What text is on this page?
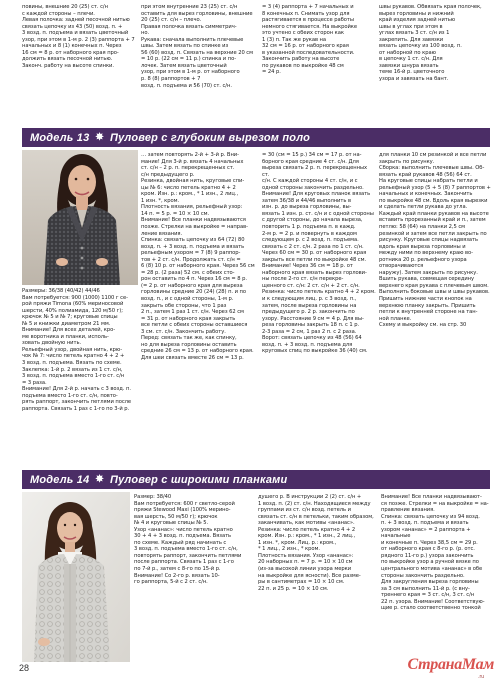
повины, внешние 20 (25) ст. с/н
с каждой стороны – плечи.
Левая полочка: задней песочной нитью
связать цепочку из 43 (50) возд. п. +
3 возд. п. подъема и вязать цветочный
узор, при этом в 1-м р. 2 (3) раппорта + 7
начальных и 8 (1) конечных п. Через
16 см = 8 р. от наборного края про-
должить вязать песочной нитью.
Законч. работу на высоте спинки.
при этом внутренние 23 (25) ст. с/н
оставить для вырез горловины, внешние
20 (25) ст. с/н – плечо.
Правая полочка вязать симметрич-
но.
Рукава: сначала выполнить плечевые
швы. Затем вязать по спинке из
56 (60) возд. п. Связать на верхние 20 см
= 10 р. (22 см = 11 р.) спинка и по-
лочек. Затем вязать цветочный
узор, при этом в 1-м р. от наборного
р. 8 (8) раппортов + 7
возд. п. подъема и 56 (70) ст. с/н.
= 3 (4) раппорта + 7 начальных и
8 конечных п. Снимать узор для
растягивается в процессе работы
немного стягивается. На выкройке
это учтено с обеих сторон как
1 (3) п. Так же рукав на
32 см = 16 р. от наборного края
в указанной последовательности.
Закончить работу на высоте
по рукавов по выкройке 48 см
= 24 р.
швы рукавов. Обвязать края полочек,
вырез горловины и нижний
край изделия задней нитью
швы в углах при этом в
углах вязать 3 ст. с/н из 1
закрепить. Для завязки
вязать цепочку из 100 возд. п.
от наборной по краю
в цепочку 1 ст. с/н. Для
завязки шнура вязать
теме 16-й р. цветочного
узора и завязать на бант.
Модель 13 ✸ Пуловер с глубоким вырезом поло
Размеры: 36/38 (40/42) 44/46
Вам потребуется: 900 (1000) 1100 г се-
рой пряжи Timona (60% мериносовой
шерсти, 40% полиамида, 120 м/50 г);
крючок № 5 и № 7; круговые спицы
№ 5 и книжки диаметром 21 мм.
Внимание! Для всех деталей, кро-
ме воротника и планки, исполь-
зовать двойную нить.
Рельефный узор, двойная нить, крю-
чок № 7: число петель кратно 4 + 2 +
3 возд. п. подъема. Вязать по схеме.
Заклепка: 1-й р. 2 вязать из 1 ст. с/н,
3 возд. п. подъема вместо 1-го ст. с/н
= 3 раза.
Внимание! Для 2-й р. начать с 3 возд. п.
подъема вместо 1-го ст. с/н, повто-
рять раппорт, закончить петлями после
раппорта. Связать 1 раз с 1-го по 3-й р.
… затем повторять 2-й + 3-й р. Вни-
мание! Для 3-й р. вязать 4 начальных
ст. с/н – 2 р. п. перекрещенных ст.
с/н предыдущего р.
Резинка, двойная нить, круговые спи-
цы № 6: число петель кратно 4 + 2
кром. Изн. р.: кром., * 1 изн., 2 лиц.,
1 изн. *, кром.
Плотность вязания, рельефный узор:
14 п. = 5 р. = 10 × 10 см.
Внимание! Все планки надвязываются
позже. Стрелки на выкройке = направ-
ление вязания.
Спинка: связать цепочку из 64 (72) 80
возд. п. + 3 возд. п. подъема и вязать
рельефным узором = 7 (8) 9 раппор-
тов + 2 ст. с/н. Продолжать ст. с/н =
6 (8) 10 р. от наборного края. Через 56 см
= 28 р. (2 раза) 52 см. с обеих сто-
рон оставить по 4 п. Через 16 см = 8 р.
(= 2 р. от наборного края для выреза
горловины средние 20 (24) (28) п. и по
возд. п., и с одной стороны, 1-м р.
закрыть обе стороны, что 1 раз
2 п., затем 1 раз 1 ст. с/н. Через 62 см
= 31 р. от наборного края закрыть
все петли с обеих стороны оставшиеся
3 см. ст. с/н. Закончить работу.
Перед: связать так же, как спинку,
но для выреза горловины оставить
средние 26 см = 13 р. от наборного края.
Для шеи связать вместе 26 см = 13 р.
= 30 (см = 15 р.) 34 см = 17 р. от на-
борного края средние 4 ст. с/н. Для
выреза связать 2 р. п. перекрещенных ст.
с/н. С каждой стороны 4 ст. с/н, и с
одной стороны закончить раздельно.
Внимание! Для круговых планок вязать
затем 36/38 и 44/46 выполнить в
изн. р. до выреза горловины, вы-
вязать 1 изн. р. ст. с/н и с одной стороны
с другой стороны, до начала выреза,
повторить 1 р. подъема п. в кажд.
2-м р. = 2 р. и повернуть в каждом
следующем р. с 2 возд. п. подъема.
связать с 2 ст. с/н. 2 раза по 1 ст. с/н.
Через 60 см = 30 р. от наборного края
закрыть все петли по выкройке 48 см.
Внимание! Через 36 см = 18 р. от
наборного края вязать вырез горлови-
ны после 2-го ст. с/н перекре-
щенного ст. с/н: 2 ст. с/н + 2 ст. с/н.
Резинка: число петель кратно 4 + 2 кром.
и к следующим лиц. р. с 3 возд. п.,
затем, после выреза горловины на
предыдущего р. 2 р. закончить по
узору. Расстояние 9 см = 4 р. Для вы-
реза горловины закрыть 18 п. с 1 р.
2-3 раза = 2 см, 1 раз 2 п. с 2 раза.
Ворот: связать цепочку из 48 (56) 64
возд. п. + 3 возд. п. подъема для
круговых спиц по выкройке 36 (40) см.
для планки 10 см резинкой и все петли
закрыть по рисунку.
Сборка: выполнить плечевые швы. Об-
вязать край рукавов 48 (56) 64 ст.
На круговые спицы набрать петли и
рельефный узор (5 + 5 (8) 7 раппортов +
начальных и конечных. Закончить
по выкройке 48 см. Вдоль края вырезки
и сделать петли рукава до угла.
Каждый край планки рукавов на высоте
вставить прорезанный край и п., затем
петлю: 58 (64) на планки 2,5 см
резинкой и затем все петли закрыть по
рисунку. Круговые спицы надвязать
вдоль края выреза горловины и
между ними по верхнему краю во-
ротника 20 р. рельефного узора отворачиваются
наружу). Затем закрыть по рисунку.
Вшить рукава, совмещая середину
верхнего края рукава с плечевым швом.
Выполнить боковые швы и швы рукавов.
Пришить нижние части кнопок на
верхнюю планку закрыть. Пришить
петли к внутренней стороне на тан-
ной планке.
Схему и выкройку см. на стр. 30
Модель 14 ✸ Пуловер с широкими планками
Размер: 38/40
Вам потребуется: 600 г светло-серой
пряжи Stewood Maxi (100% мерино-
вая шерсть, 50 м/50 г); крючок
№ 4 и круговые спицы № 5.
Узор «ананас»: число петель кратно
30 + 4 + 3 возд. п. подъема. Вязать
по схеме. Каждый ряд начинать с
3 возд. п. подъема вместо 1-го ст. с/н,
повторять раппорт, закончить петлями
после раппорта. Связать 1 раз с 1-го
по 7-й р., затем с 8-го по 15-й р.
Внимание! Со 2-го р. вязать 10-
го раппорта, 5-й с 2 ст. с/н.
душего р. В инструкции 2 (2) ст. с/н +
1 возд. п. (2) ст. с/н. Находящиеся между
группами из ст. с/н возд. петель и
связать ст. с/н в петельки, таким образом,
заканчивать, как мотивы «ананас».
Резинка: число петель кратно 4 + 2
кром. Изн. р.: кром., * 1 изн., 2 лиц.,
1 изн. *, кром. Лиц. р.: кром.,
* 1 лиц., 2 изн., * кром.
Плотность вязания. Узор «ананас»:
20 наборных п. = 7 р. = 10 × 10 см
(из-за высокой линии узора мерки
на выкройке для ясности). Все разме-
ры в сантиметрах = 10 × 10 см.
22 п. и 25 р. = 10 × 10 см.
Внимание! Все планки надвязывают-
ся позже. Стрелки = на выкройке = на-
правление вязания.
Спинка: связать цепочку из 94 возд.
п. + 3 возд. п. подъема и вязать
узором «ананас» = 2 раппорта + начальные
и конечные п. Через 38,5 см = 29 р.
от наборного края с 8-го р. (р. отс.
рядного 11-го р.) узора закончить
по выкройке узор а ручной вязке по
центрального мотива «ананас» в обе
стороны закончить раздельно.
Для закругления выреза горловины
за 3 см выполнить 11-й р. (с вну-
треннего края = 3 ст. с/н, 3 ст. с/н
22 п. узора. Внимание! Соответствую-
щие р. стало соответственно тонкой
28	СтранаМам
.ru
